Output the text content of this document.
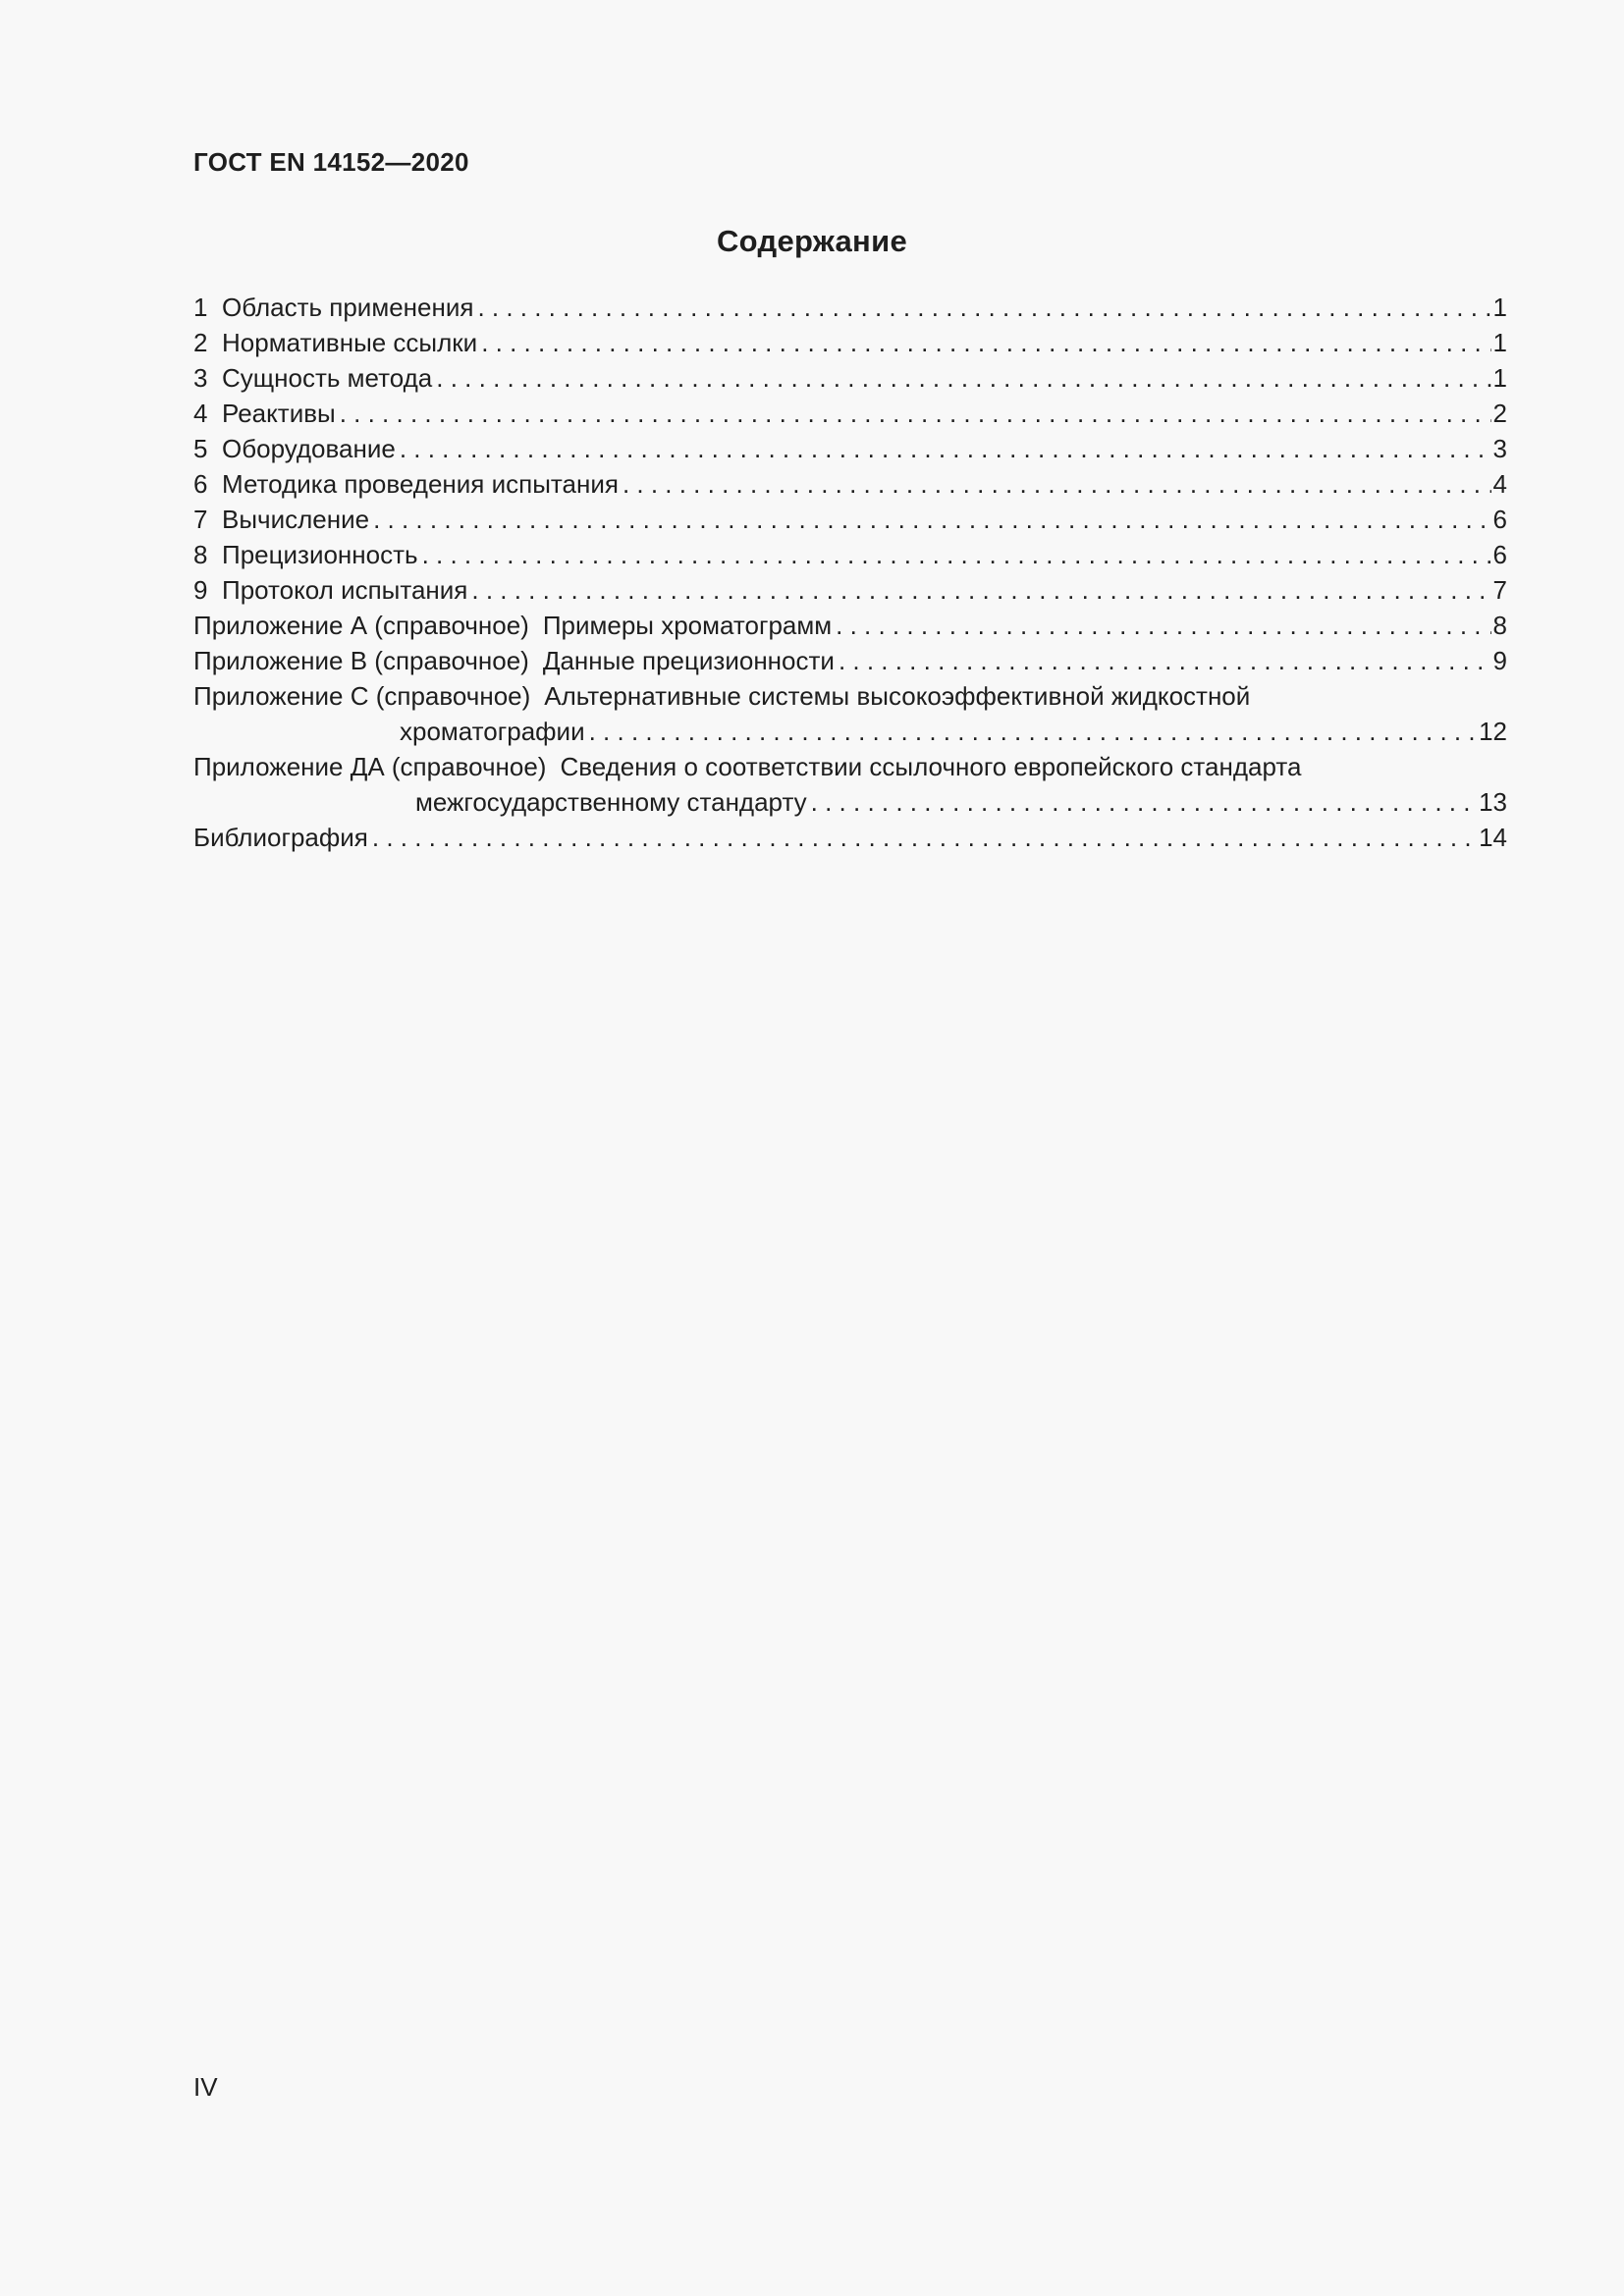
ГОСТ EN 14152—2020
Содержание
1 Область применения . . .	1
2 Нормативные ссылки . . .	1
3 Сущность метода . . .	1
4 Реактивы . . .	2
5 Оборудование . . .	3
6 Методика проведения испытания . . .	4
7 Вычисление . . .	6
8 Прецизионность . . .	6
9 Протокол испытания . . .	7
Приложение А (справочное) Примеры хроматограмм . . .	8
Приложение В (справочное) Данные прецизионности . . .	9
Приложение С (справочное) Альтернативные системы высокоэффективной жидкостной
хроматографии . . .	12
Приложение ДА (справочное) Сведения о соответствии ссылочного европейского стандарта
межгосударственному стандарту . . .	13
Библиография . . .	14
IV
